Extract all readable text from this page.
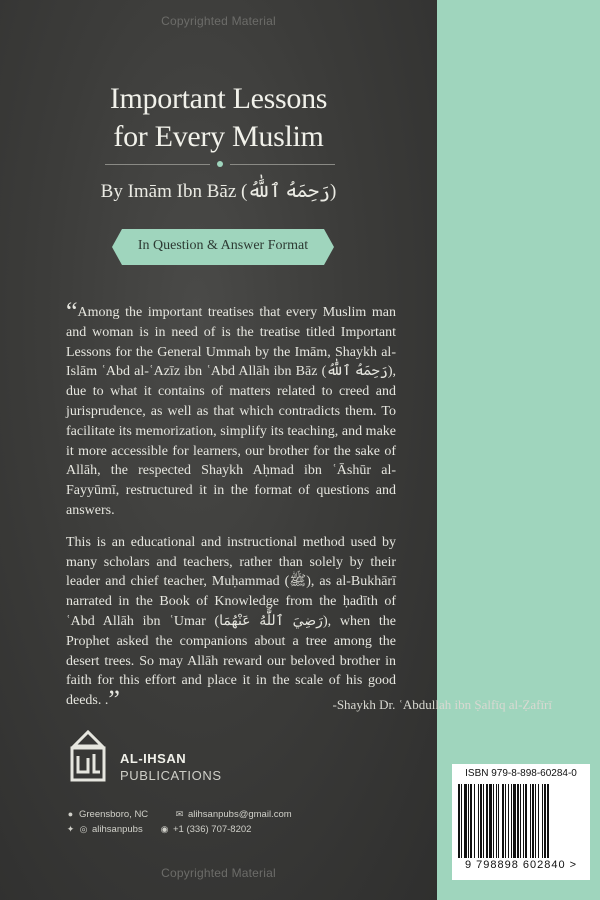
Copyrighted Material
Important Lessons
for Every Muslim
By Imām Ibn Bāz (رَحِمَهُ ٱللَّٰهُ)
In Question & Answer Format

“Among the important treatises that every Muslim man and woman is in need of is the treatise titled Important Lessons for the General Ummah by the Imām, Shaykh al-Islām ʿAbd al-ʿAzīz ibn ʿAbd Allāh ibn Bāz (رَحِمَهُ ٱللَّٰهُ), due to what it contains of matters related to creed and jurisprudence, as well as that which contradicts them. To facilitate its memorization, simplify its teaching, and make it more accessible for learners, our brother for the sake of Allāh, the respected Shaykh Aḥmad ibn ʿĀshūr al-Fayyūmī, restructured it in the format of questions and answers.

This is an educational and instructional method used by many scholars and teachers, rather than solely by their leader and chief teacher, Muḥammad (ﷺ), as al-Bukhārī narrated in the Book of Knowledge from the ḥadīth of ʿAbd Allāh ibn ʿUmar (رَضِيَ ٱللَّٰهُ عَنْهُمَا), when the Prophet asked the companions about a tree among the desert trees. So may Allāh reward our beloved brother in faith for this effort and place it in the scale of his good deeds. .”	-Shaykh Dr. ʿAbdullah ibn Ṣalfīq al-Ẓafīrī
AL-IHSAN
PUBLICATIONS
● Greensboro, NC	✉ alihsanpubs@gmail.com
✦ ◎ alihsanpubs ◉ +1 (336) 707-8202
Copyrighted Material
ISBN 979-8-898-60284-0
9 798898 602840 >
